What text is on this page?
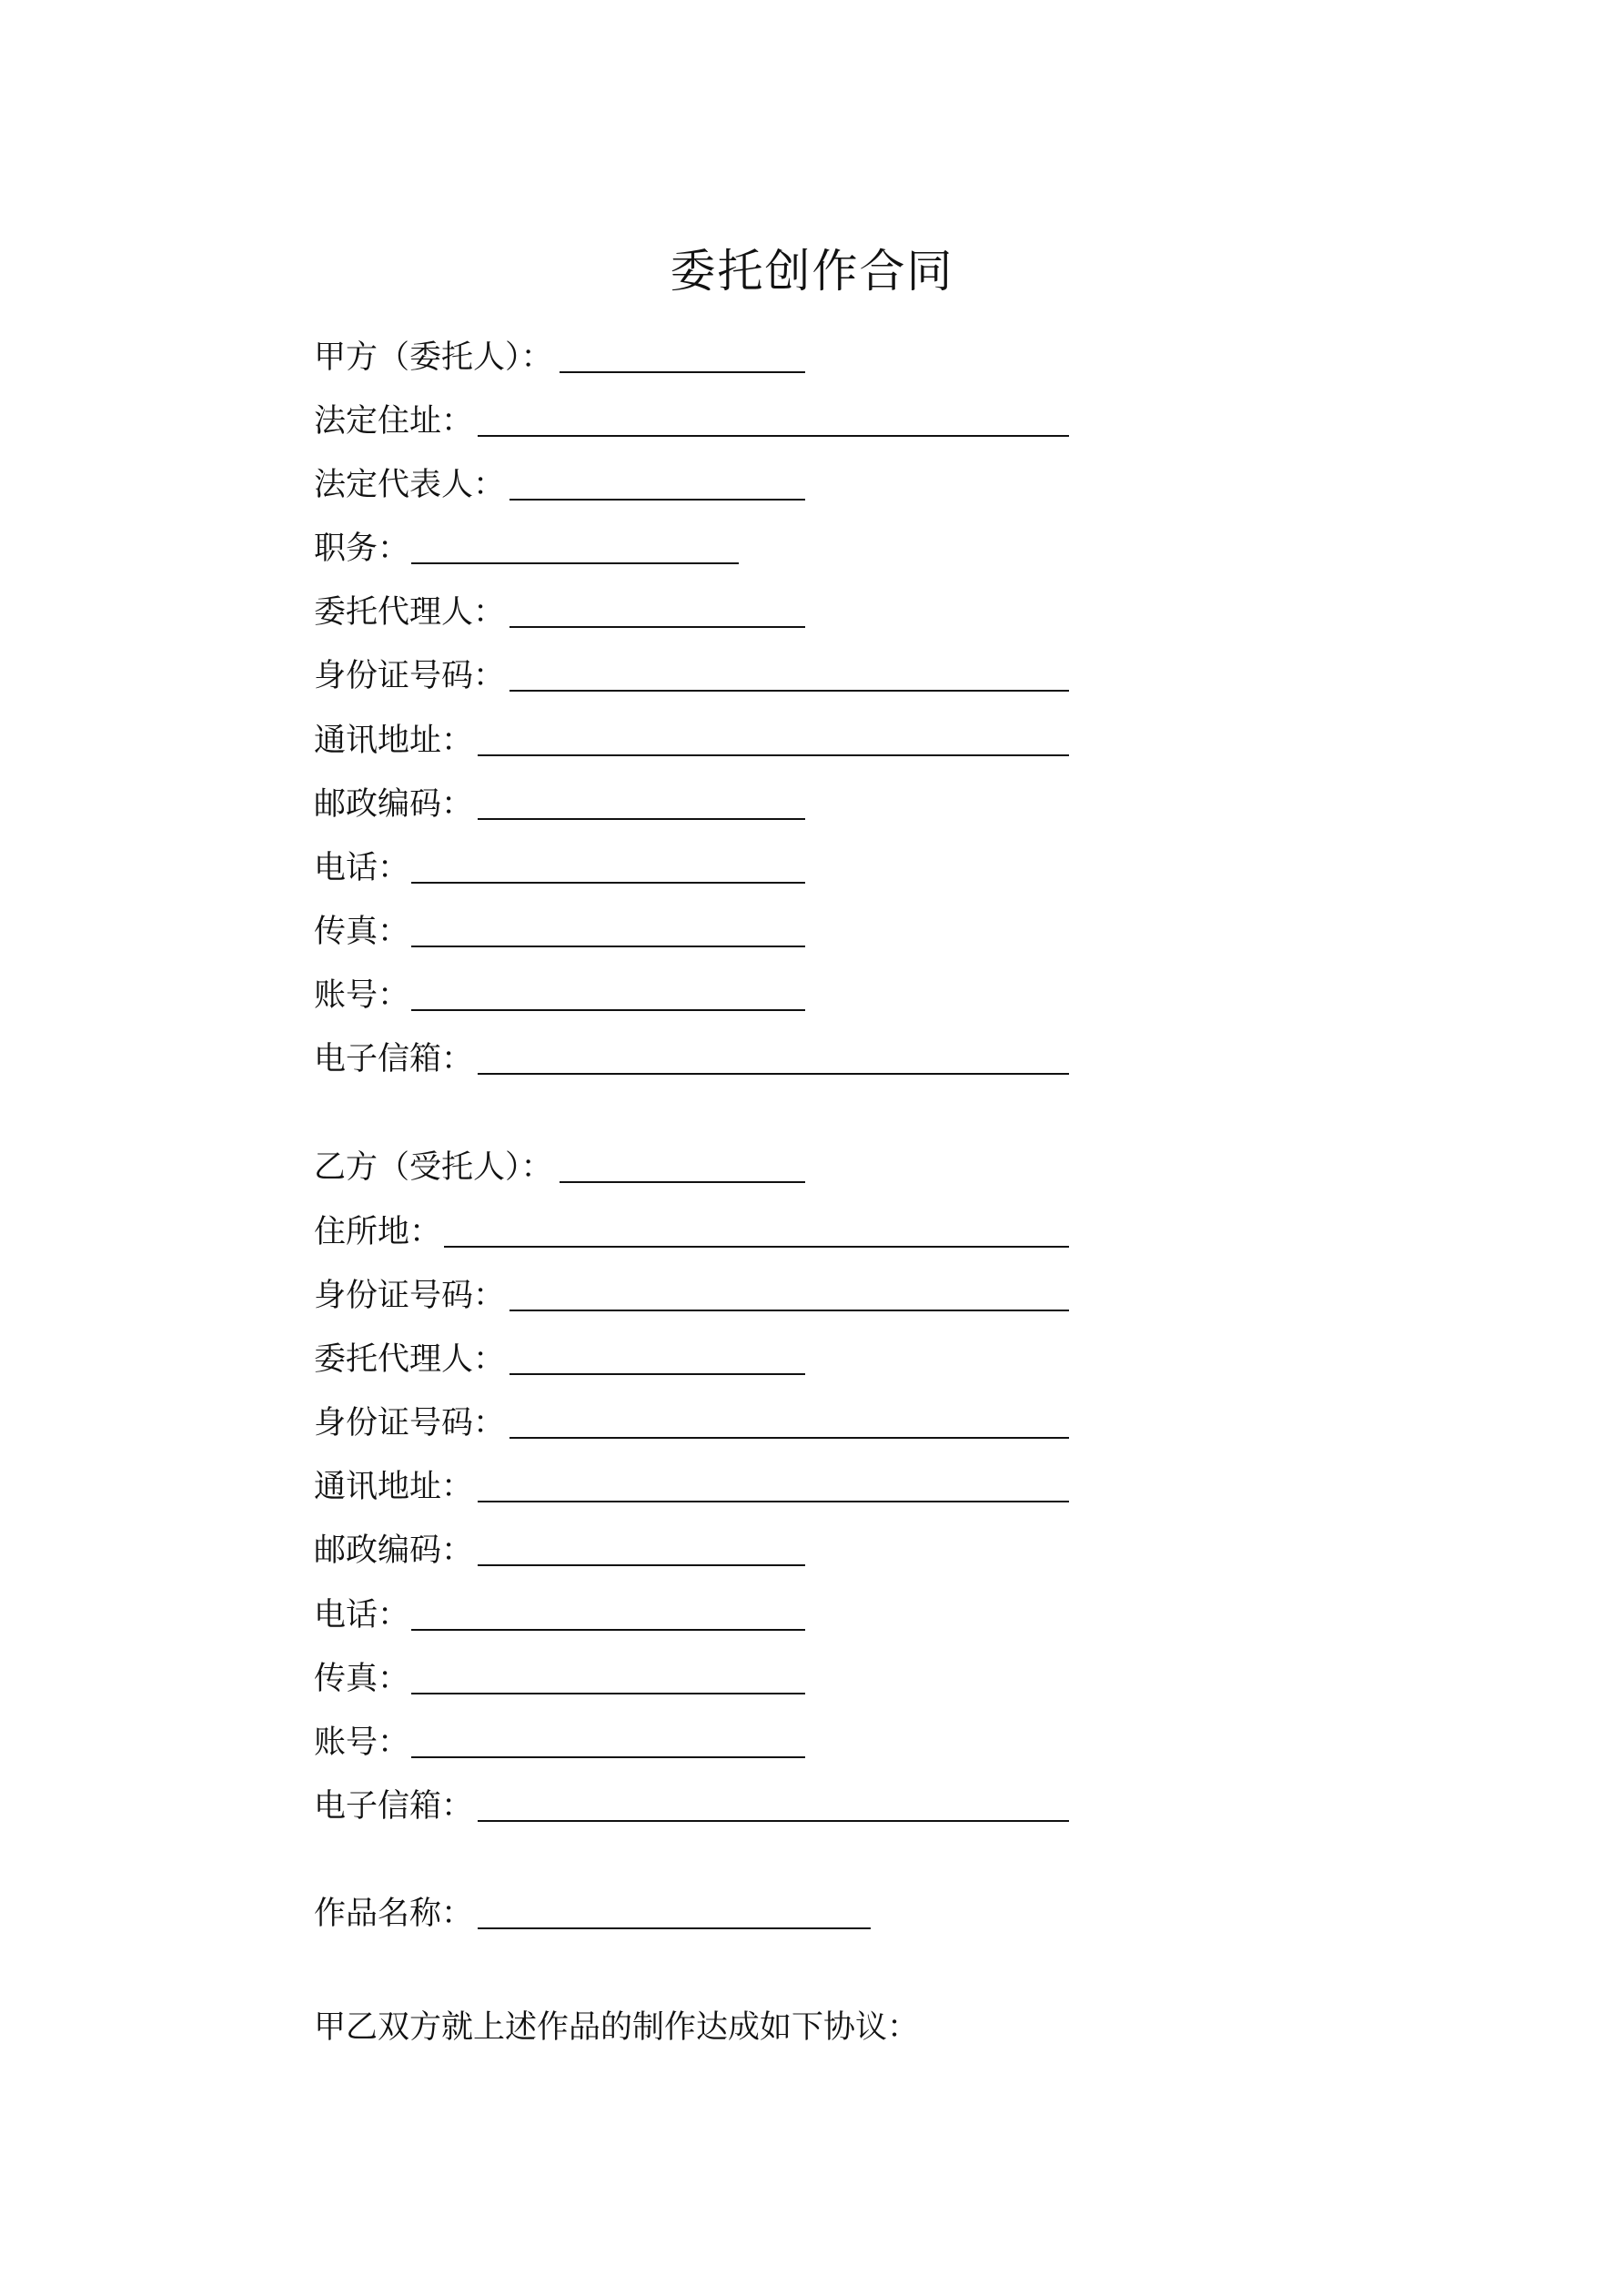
委托创作合同
甲方（委托人）：
法定住址：
法定代表人：
职务：
委托代理人：
身份证号码：
通讯地址：
邮政编码：
电话：
传真：
账号：
电子信箱：
乙方（受托人）：
住所地：
身份证号码：
委托代理人：
身份证号码：
通讯地址：
邮政编码：
电话：
传真：
账号：
电子信箱：
作品名称：
甲乙双方就上述作品的制作达成如下协议：
